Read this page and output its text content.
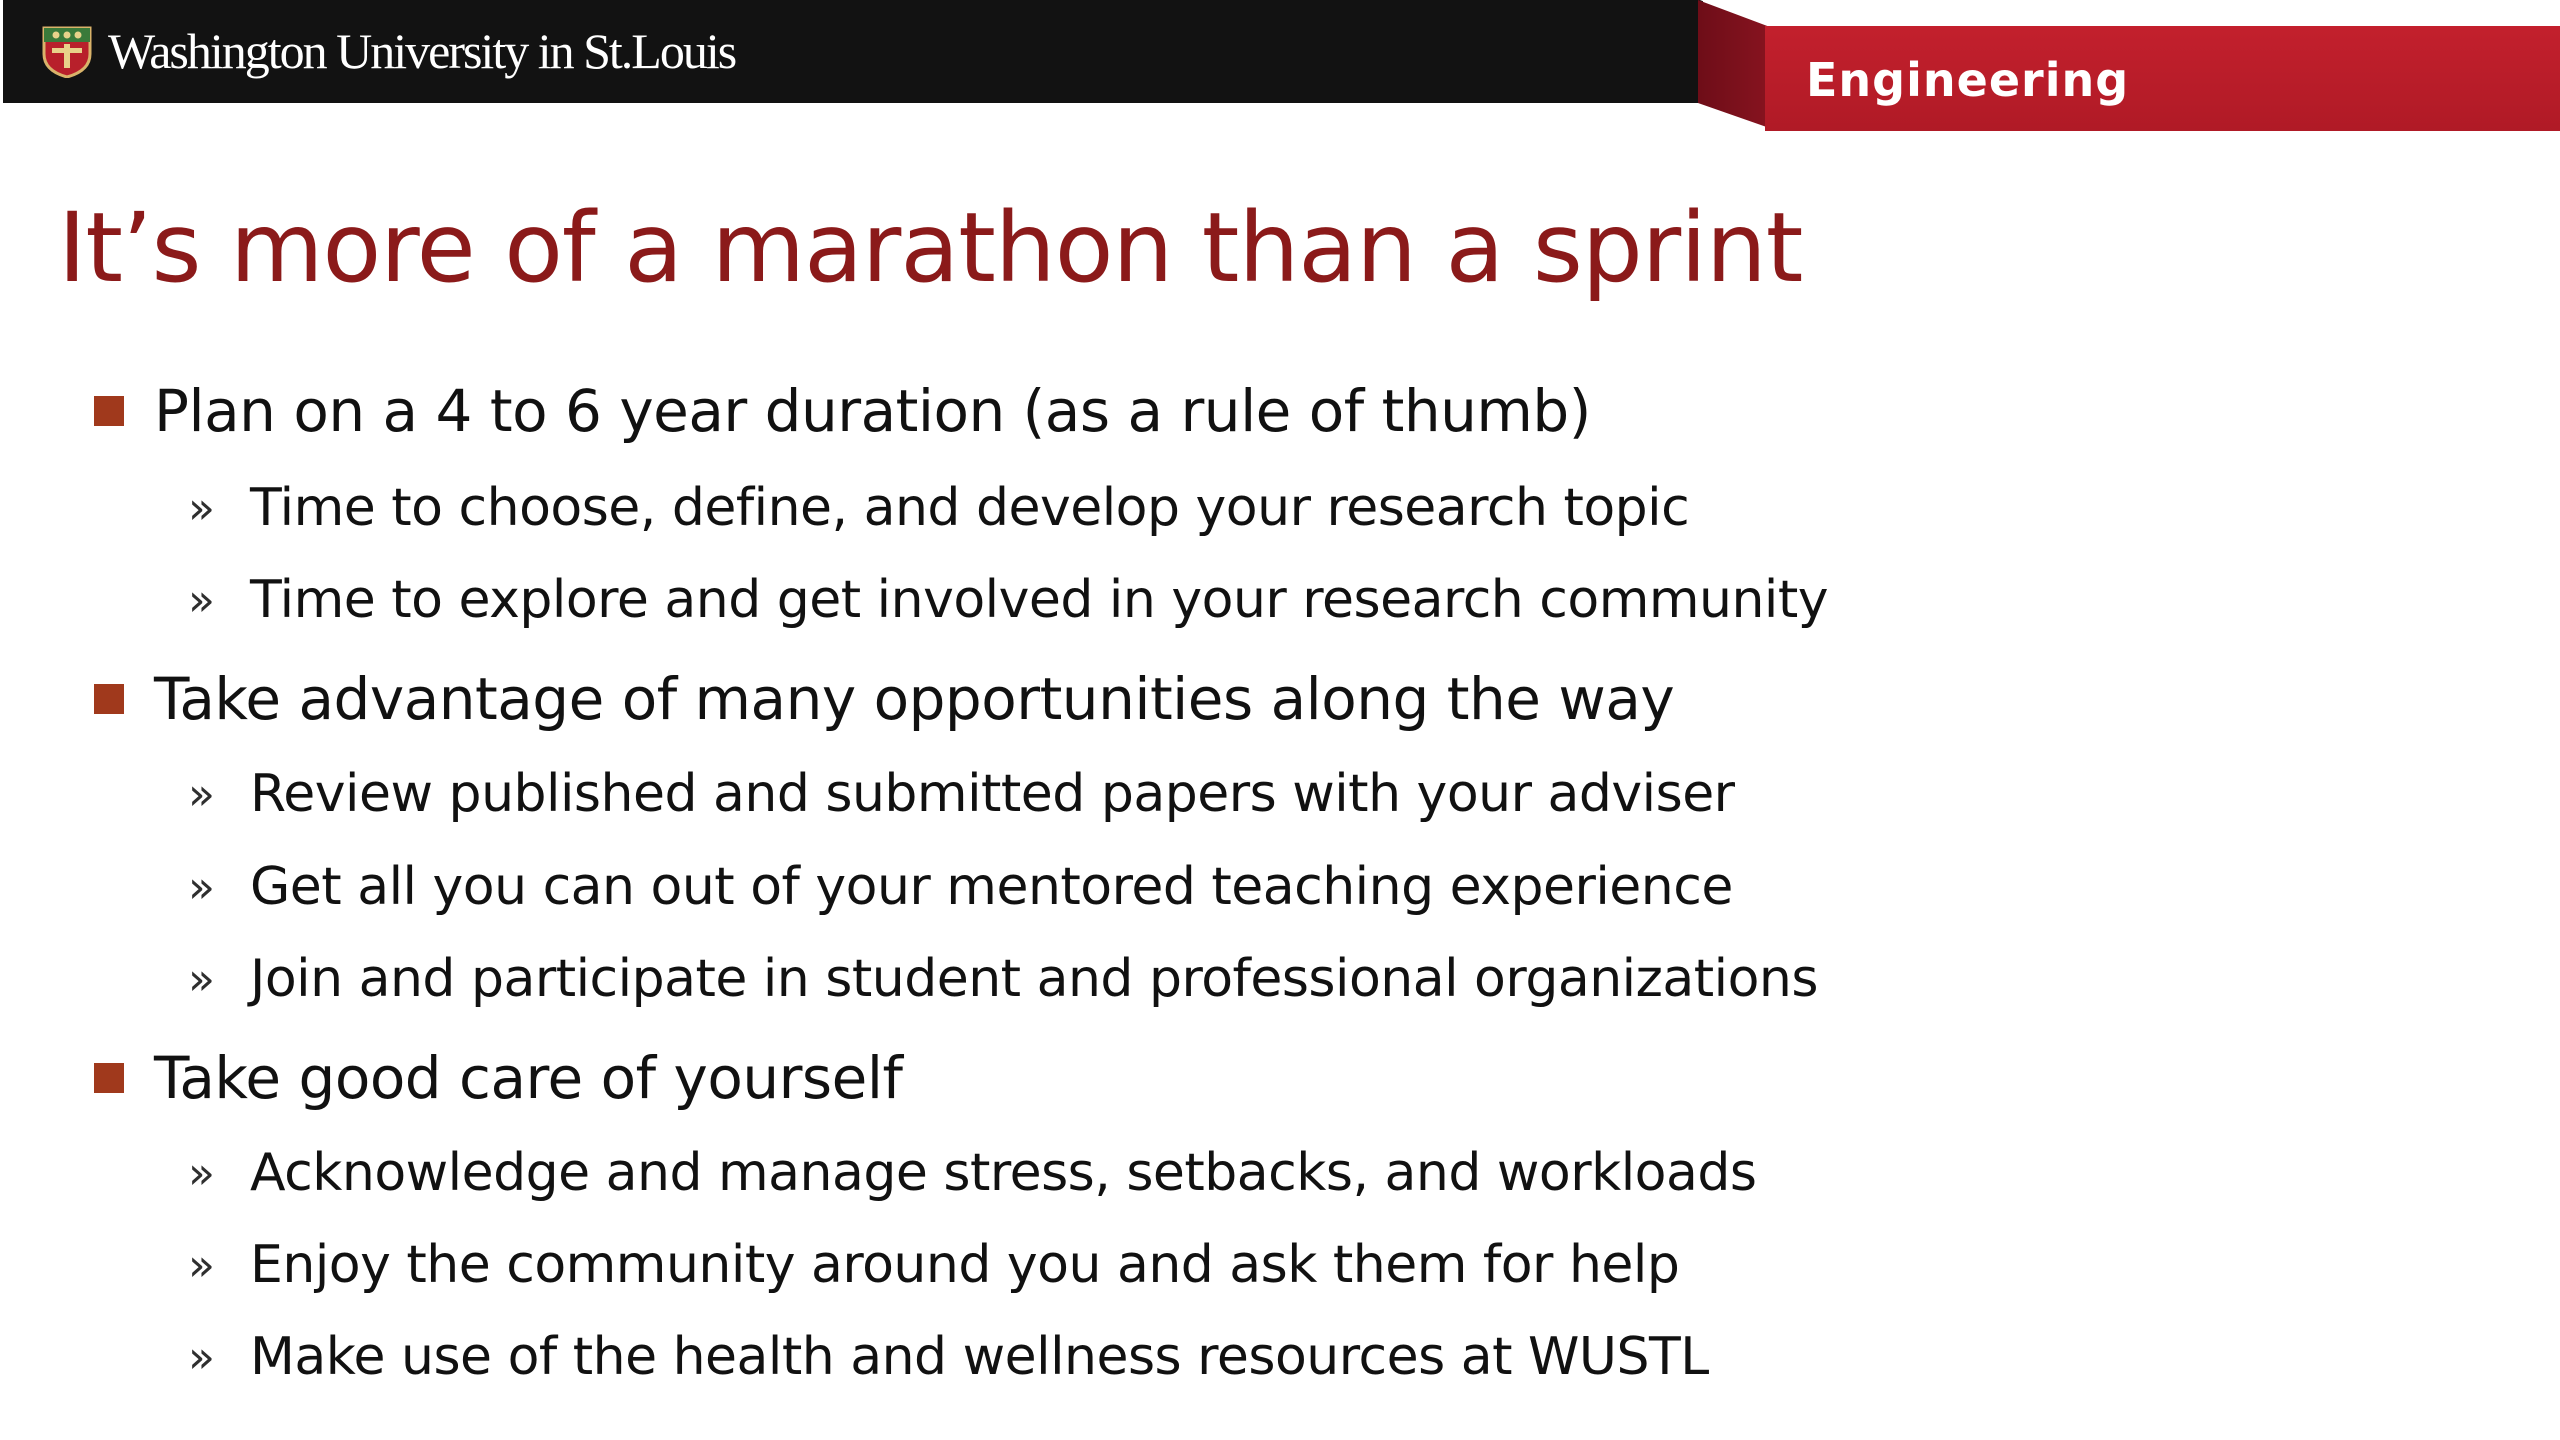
Washington University in St.Louis
Engineering
It’s more of a marathon than a sprint
Plan on a 4 to 6 year duration (as a rule of thumb)
» Time to choose, define, and develop your research topic
» Time to explore and get involved in your research community
Take advantage of many opportunities along the way
» Review published and submitted papers with your adviser
» Get all you can out of your mentored teaching experience
» Join and participate in student and professional organizations
Take good care of yourself
» Acknowledge and manage stress, setbacks, and workloads
» Enjoy the community around you and ask them for help
» Make use of the health and wellness resources at WUSTL
